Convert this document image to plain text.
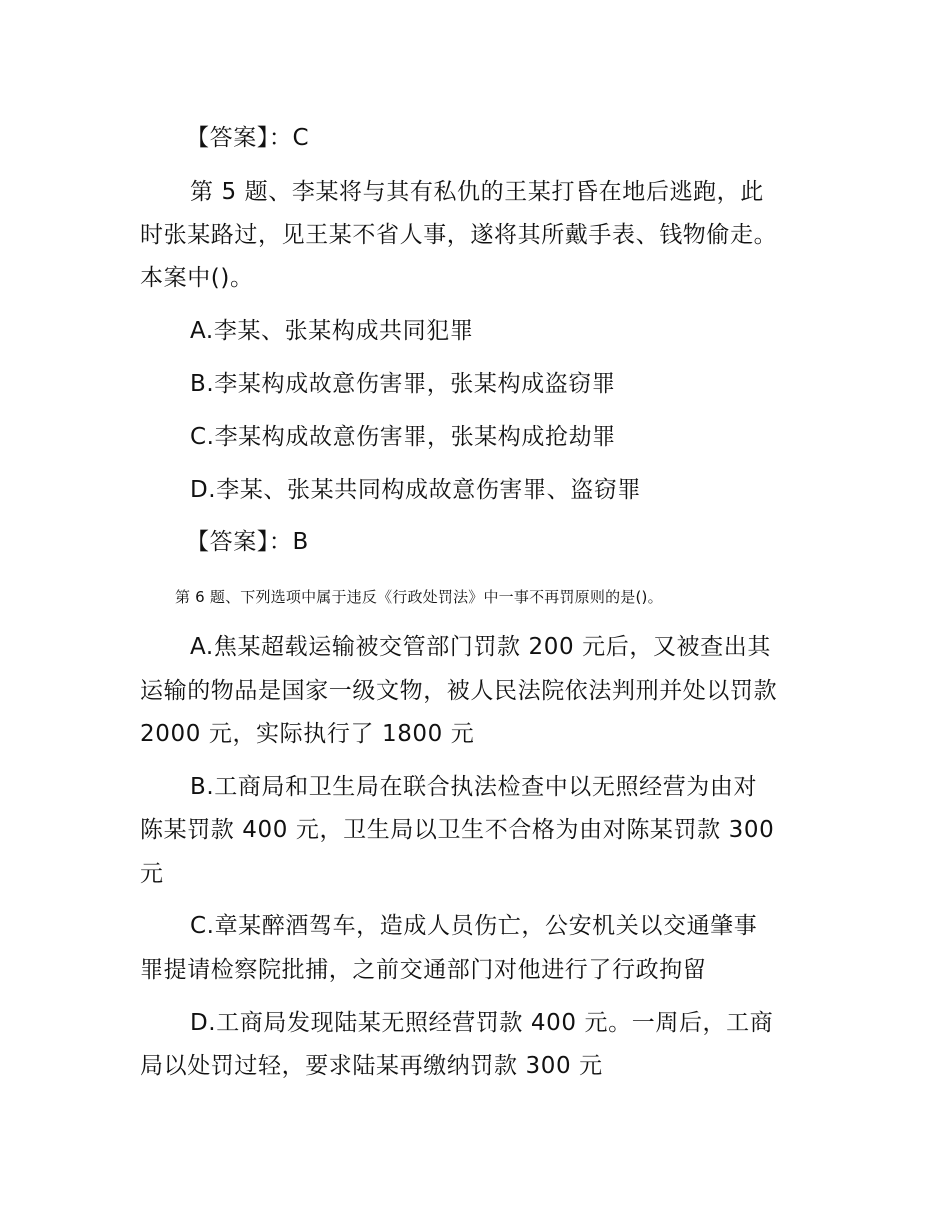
【答案】：C
第 5 题、李某将与其有私仇的王某打昏在地后逃跑，此
时张某路过，见王某不省人事，遂将其所戴手表、钱物偷走。
本案中()。
A.李某、张某构成共同犯罪
B.李某构成故意伤害罪，张某构成盗窃罪
C.李某构成故意伤害罪，张某构成抢劫罪
D.李某、张某共同构成故意伤害罪、盗窃罪
【答案】：B
第 6 题、下列选项中属于违反《行政处罚法》中一事不再罚原则的是()。
A.焦某超载运输被交管部门罚款 200 元后，又被查出其
运输的物品是国家一级文物，被人民法院依法判刑并处以罚款
2000 元，实际执行了 1800 元
B.工商局和卫生局在联合执法检查中以无照经营为由对
陈某罚款 400 元，卫生局以卫生不合格为由对陈某罚款 300
元
C.章某醉酒驾车，造成人员伤亡，公安机关以交通肇事
罪提请检察院批捕，之前交通部门对他进行了行政拘留
D.工商局发现陆某无照经营罚款 400 元。一周后，工商
局以处罚过轻，要求陆某再缴纳罚款 300 元
